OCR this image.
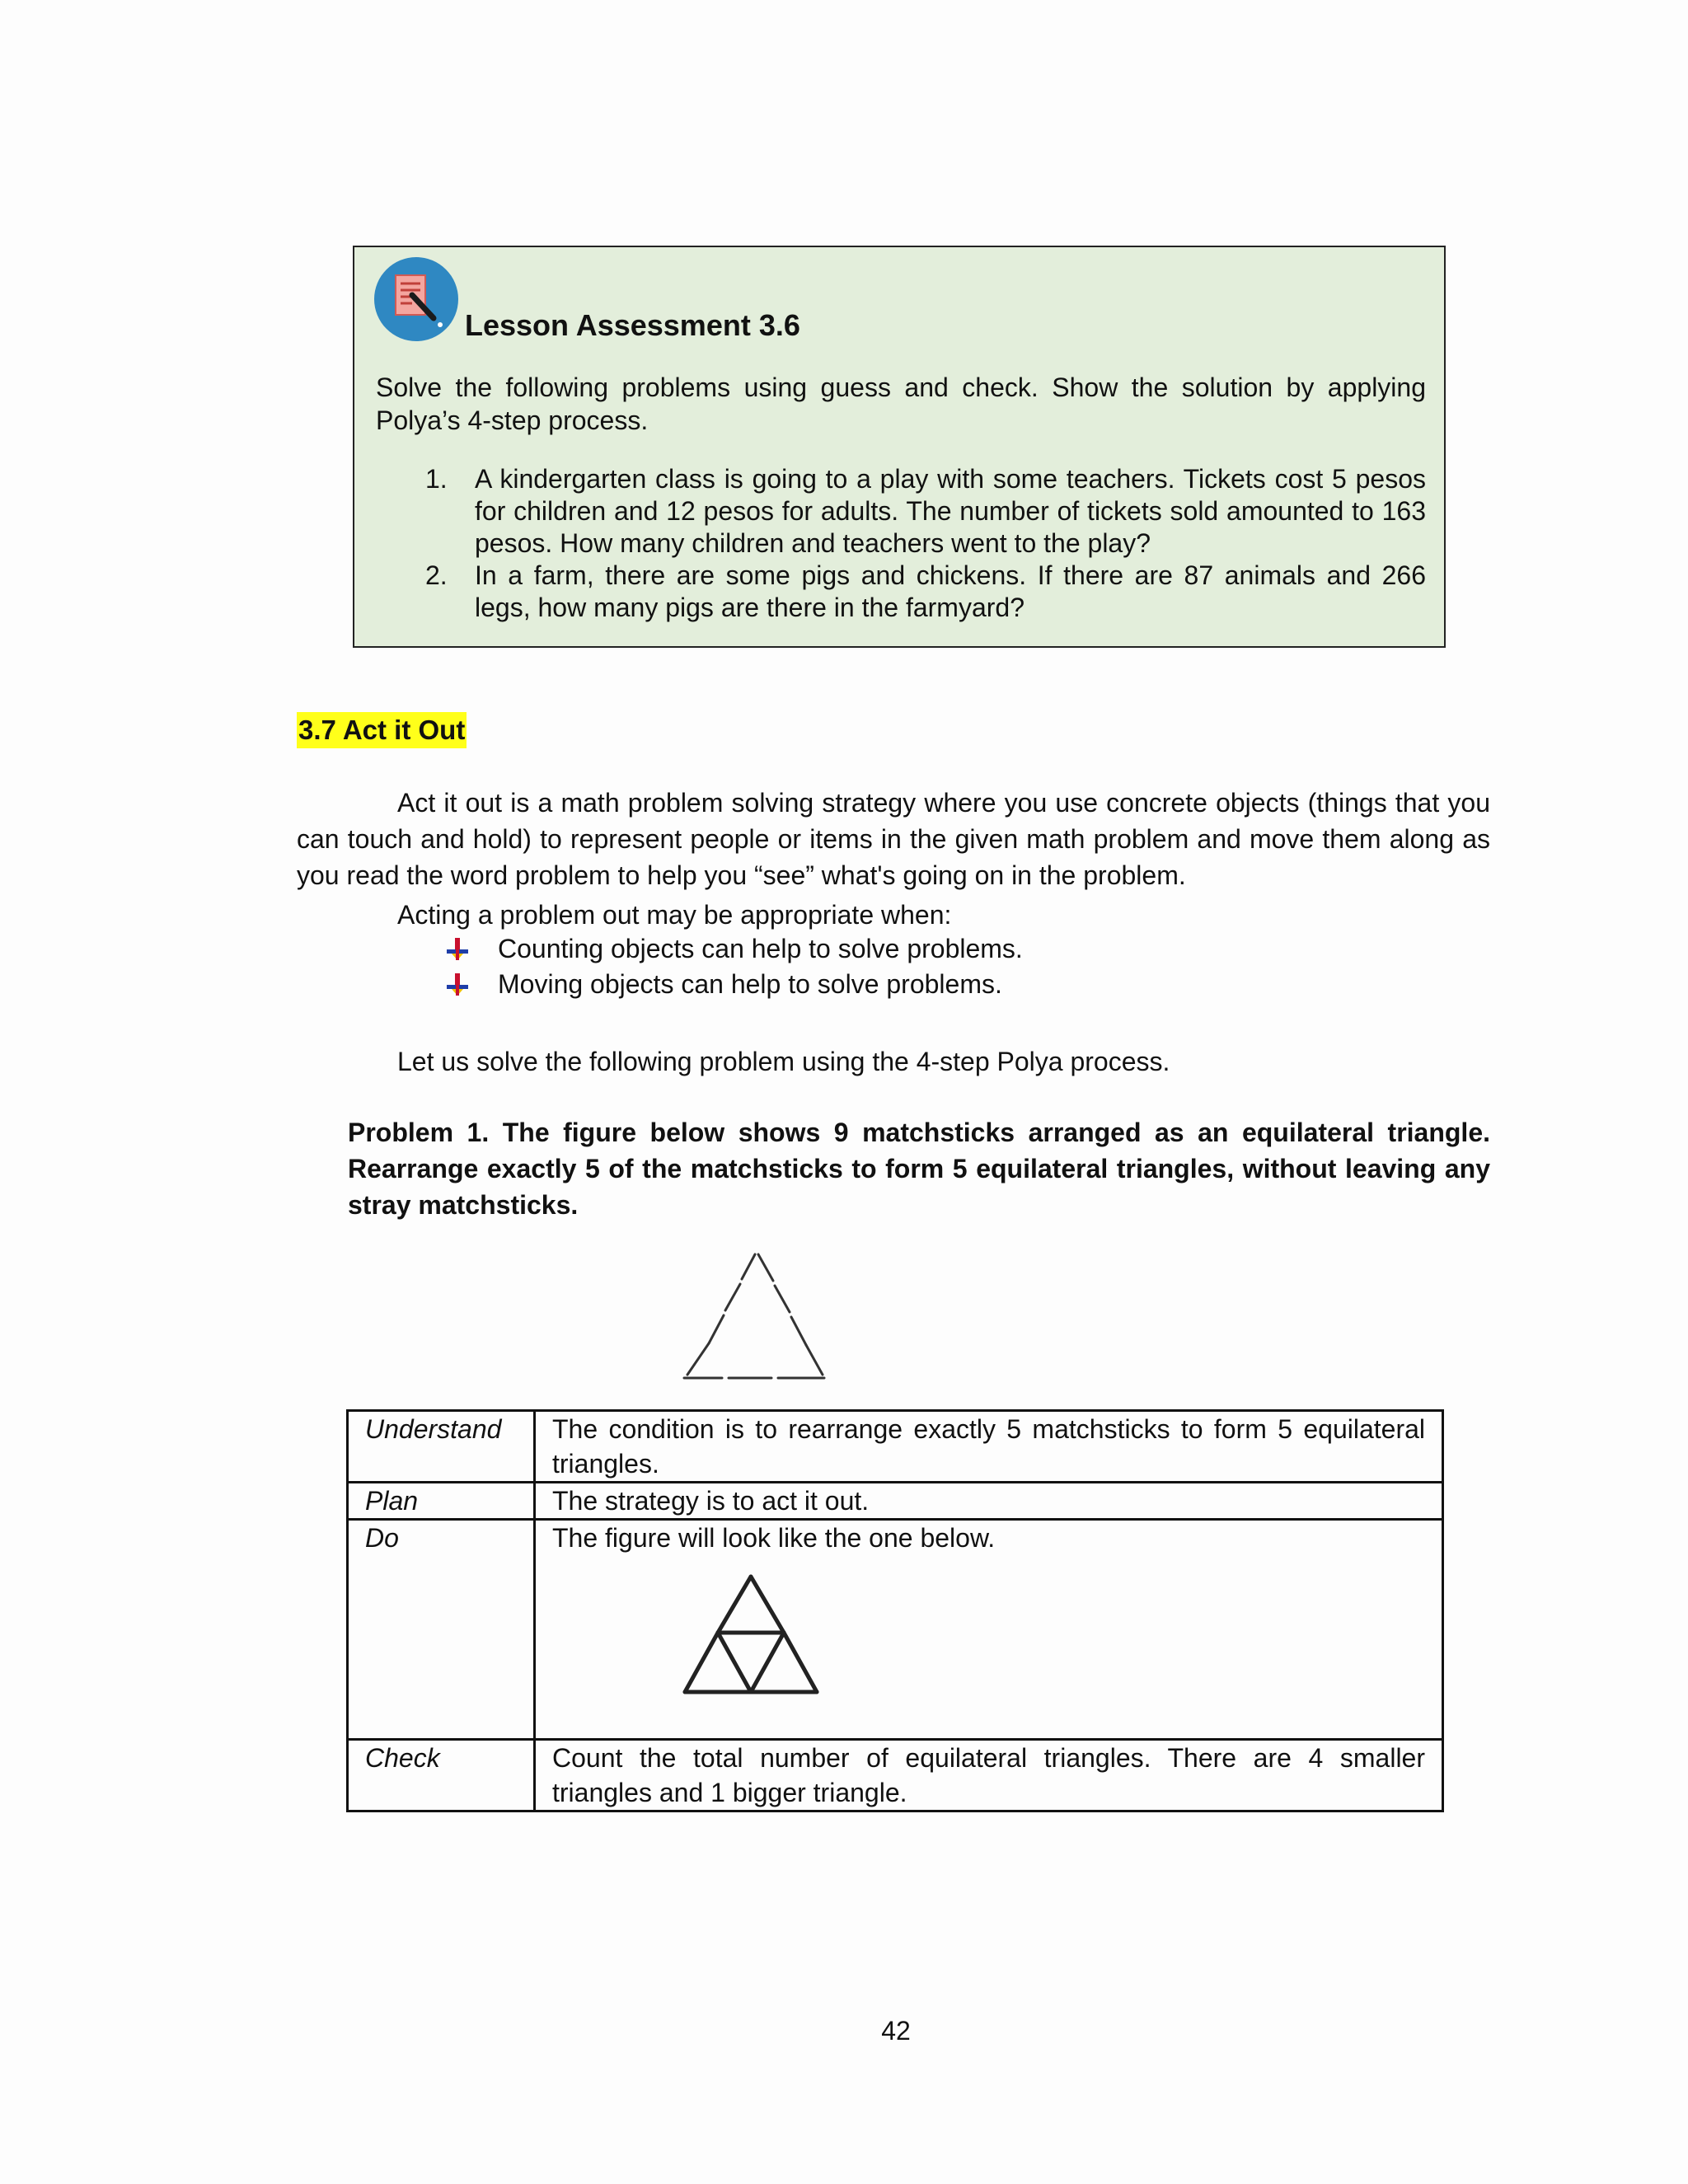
Lesson Assessment 3.6
Solve the following problems using guess and check. Show the solution by applying Polya’s 4-step process.
1. A kindergarten class is going to a play with some teachers. Tickets cost 5 pesos for children and 12 pesos for adults. The number of tickets sold amounted to 163 pesos. How many children and teachers went to the play?
2. In a farm, there are some pigs and chickens. If there are 87 animals and 266 legs, how many pigs are there in the farmyard?
3.7 Act it Out
Act it out is a math problem solving strategy where you use concrete objects (things that you can touch and hold) to represent people or items in the given math problem and move them along as you read the word problem to help you “see” what's going on in the problem.
Acting a problem out may be appropriate when:
Counting objects can help to solve problems.
Moving objects can help to solve problems.
Let us solve the following problem using the 4-step Polya process.
Problem 1. The figure below shows 9 matchsticks arranged as an equilateral triangle. Rearrange exactly 5 of the matchsticks to form 5 equilateral triangles, without leaving any stray matchsticks.
Understand	The condition is to rearrange exactly 5 matchsticks to form 5 equilateral triangles.
Plan	The strategy is to act it out.
Do	The figure will look like the one below.

Check	Count the total number of equilateral triangles. There are 4 smaller triangles and 1 bigger triangle.
42
